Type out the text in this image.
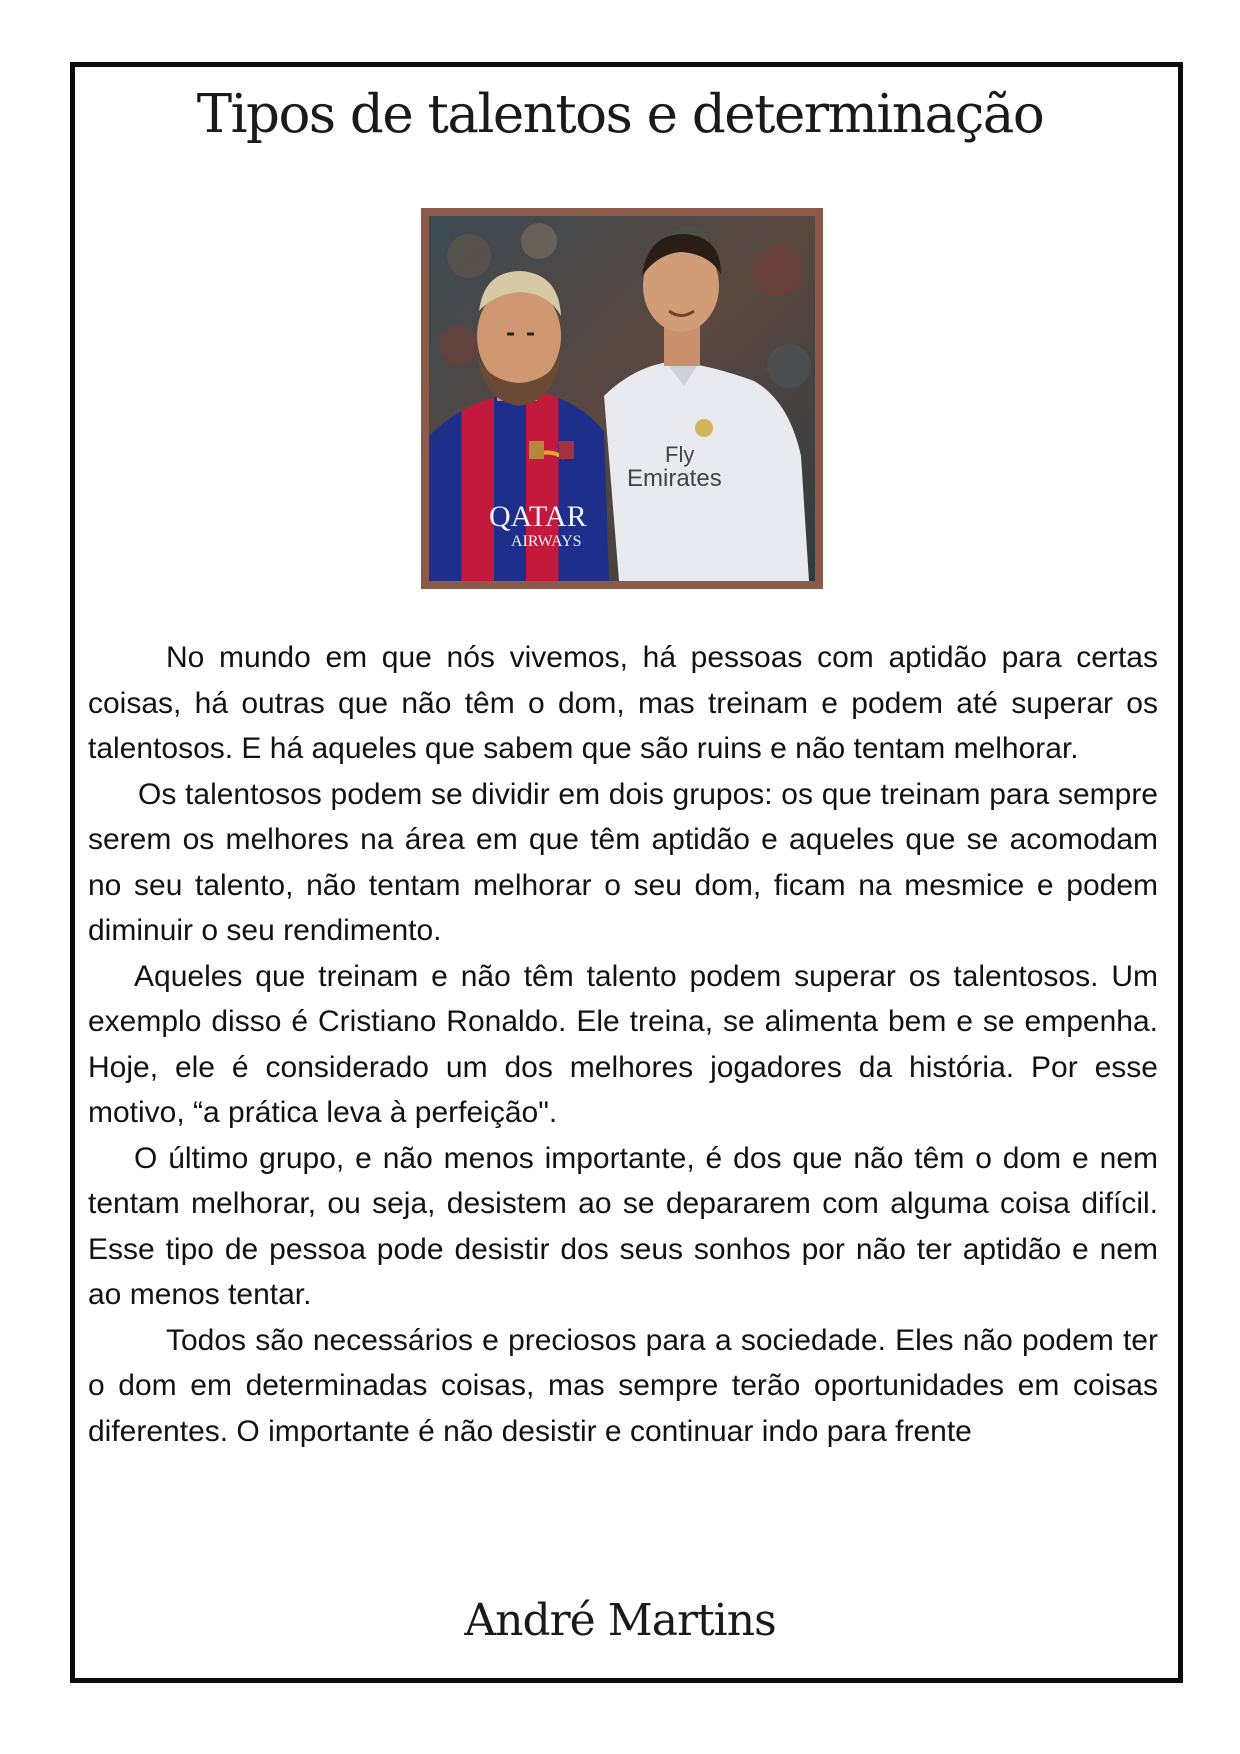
Tipos de talentos e determinação
Fly
Emirates
QATAR
AIRWAYS

No mundo em que nós vivemos, há pessoas com aptidão para certas coisas, há outras que não têm o dom, mas treinam e podem até superar os talentosos. E há aqueles que sabem que são ruins e não tentam melhorar.

Os talentosos podem se dividir em dois grupos: os que treinam para sempre serem os melhores na área em que têm aptidão e aqueles que se acomodam no seu talento, não tentam melhorar o seu dom, ficam na mesmice e podem diminuir o seu rendimento.

Aqueles que treinam e não têm talento podem superar os talentosos. Um exemplo disso é Cristiano Ronaldo. Ele treina, se alimenta bem e se empenha. Hoje, ele é considerado um dos melhores jogadores da história. Por esse motivo, “a prática leva à perfeição".

O último grupo, e não menos importante, é dos que não têm o dom e nem tentam melhorar, ou seja, desistem ao se depararem com alguma coisa difícil. Esse tipo de pessoa pode desistir dos seus sonhos por não ter aptidão e nem ao menos tentar.

Todos são necessários e preciosos para a sociedade. Eles não podem ter o dom em determinadas coisas, mas sempre terão oportunidades em coisas diferentes. O importante é não desistir e continuar indo para frente

André Martins
